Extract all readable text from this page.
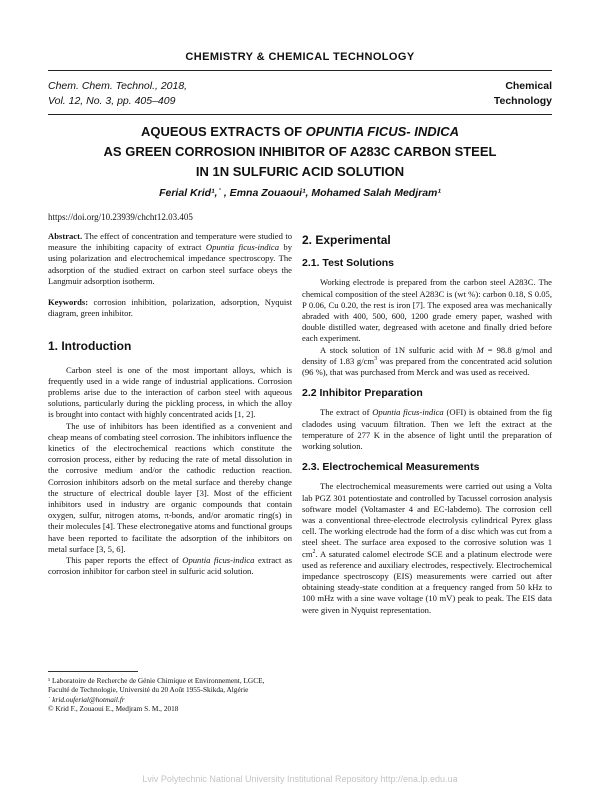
CHEMISTRY & CHEMICAL TECHNOLOGY
Chem. Chem. Technol., 2018,
Vol. 12, No. 3, pp. 405–409
Chemical
Technology
AQUEOUS EXTRACTS OF OPUNTIA FICUS- INDICA
AS GREEN CORROSION INHIBITOR OF A283C CARBON STEEL
IN 1N SULFURIC ACID SOLUTION
Ferial Krid¹,˙ , Emna Zouaoui¹, Mohamed Salah Medjram¹
https://doi.org/10.23939/chcht12.03.405

Abstract. The effect of concentration and temperature were studied to measure the inhibiting capacity of extract Opuntia ficus-indica by using polarization and electrochemical impedance spectroscopy. The adsorption of the studied extract on carbon steel surface obeys the Langmuir adsorption isotherm.

Keywords: corrosion inhibition, polarization, adsorption, Nyquist diagram, green inhibitor.

1. Introduction

Carbon steel is one of the most important alloys, which is frequently used in a wide range of industrial applications. Corrosion problems arise due to the interaction of carbon steel with aqueous solutions, particularly during the pickling process, in which the alloy is brought into contact with highly concentrated acids [1, 2].

The use of inhibitors has been identified as a convenient and cheap means of combating steel corrosion. The inhibitors influence the kinetics of the electrochemical reactions which constitute the corrosion process, either by reducing the rate of metal dissolution in the corrosive medium and/or the cathodic reduction reaction. Corrosion inhibitors adsorb on the metal surface and thereby change the structure of electrical double layer [3]. Most of the efficient inhibitors used in industry are organic compounds that contain oxygen, sulfur, nitrogen atoms, π-bonds, and/or aromatic ring(s) in their molecules [4]. These electronegative atoms and functional groups have been reported to facilitate the adsorption of the inhibitors on metal surface [3, 5, 6].

This paper reports the effect of Opuntia ficus-indica extract as corrosion inhibitor for carbon steel in sulfuric acid solution.

¹ Laboratoire de Recherche de Génie Chimique et Environnement, LGCE,
Faculté de Technologie, Université du 20 Août 1955-Skikda, Algérie
˙ krid.ouferial@hotmail.fr
© Krid F., Zouaoui E., Medjram S. M., 2018
2. Experimental
2.1. Test Solutions

Working electrode is prepared from the carbon steel A283C. The chemical composition of the steel A283C is (wt %): carbon 0.18, S 0.05, P 0.06, Cu 0.20, the rest is iron [7]. The exposed area was mechanically abraded with 400, 500, 600, 1200 grade emery paper, washed with double distilled water, degreased with acetone and finally dried before each experiment.

A stock solution of 1N sulfuric acid with M = 98.8 g/mol and density of 1.83 $g/cm^3$ was prepared from the concentrated acid solution (96 %), that was purchased from Merck and was used as received.

2.2 Inhibitor Preparation

The extract of Opuntia ficus-indica (OFI) is obtained from the fig cladodes using vacuum filtration. Then we left the extract at the temperature of 277 K in the absence of light until the preparation of working solution.

2.3. Electrochemical Measurements

The electrochemical measurements were carried out using a Volta lab PGZ 301 potentiostate and controlled by Tacussel corrosion analysis software model (Voltamaster 4 and EC-labdemo). The corrosion cell was a conventional three-electrode electrolysis cylindrical Pyrex glass cell. The working electrode had the form of a disc which was cut from a steel sheet. The surface area exposed to the corrosive solution was 1 $cm^2$. A saturated calomel electrode SCE and a platinum electrode were used as reference and auxiliary electrodes, respectively. Electrochemical impedance spectroscopy (EIS) measurements were carried out after obtaining steady-state condition at a frequency ranged from 50 kHz to 100 mHz with a sine wave voltage (10 mV) peak to peak. The EIS data were given in Nyquist representation.

Lviv Polytechnic National University Institutional Repository http://ena.lp.edu.ua
